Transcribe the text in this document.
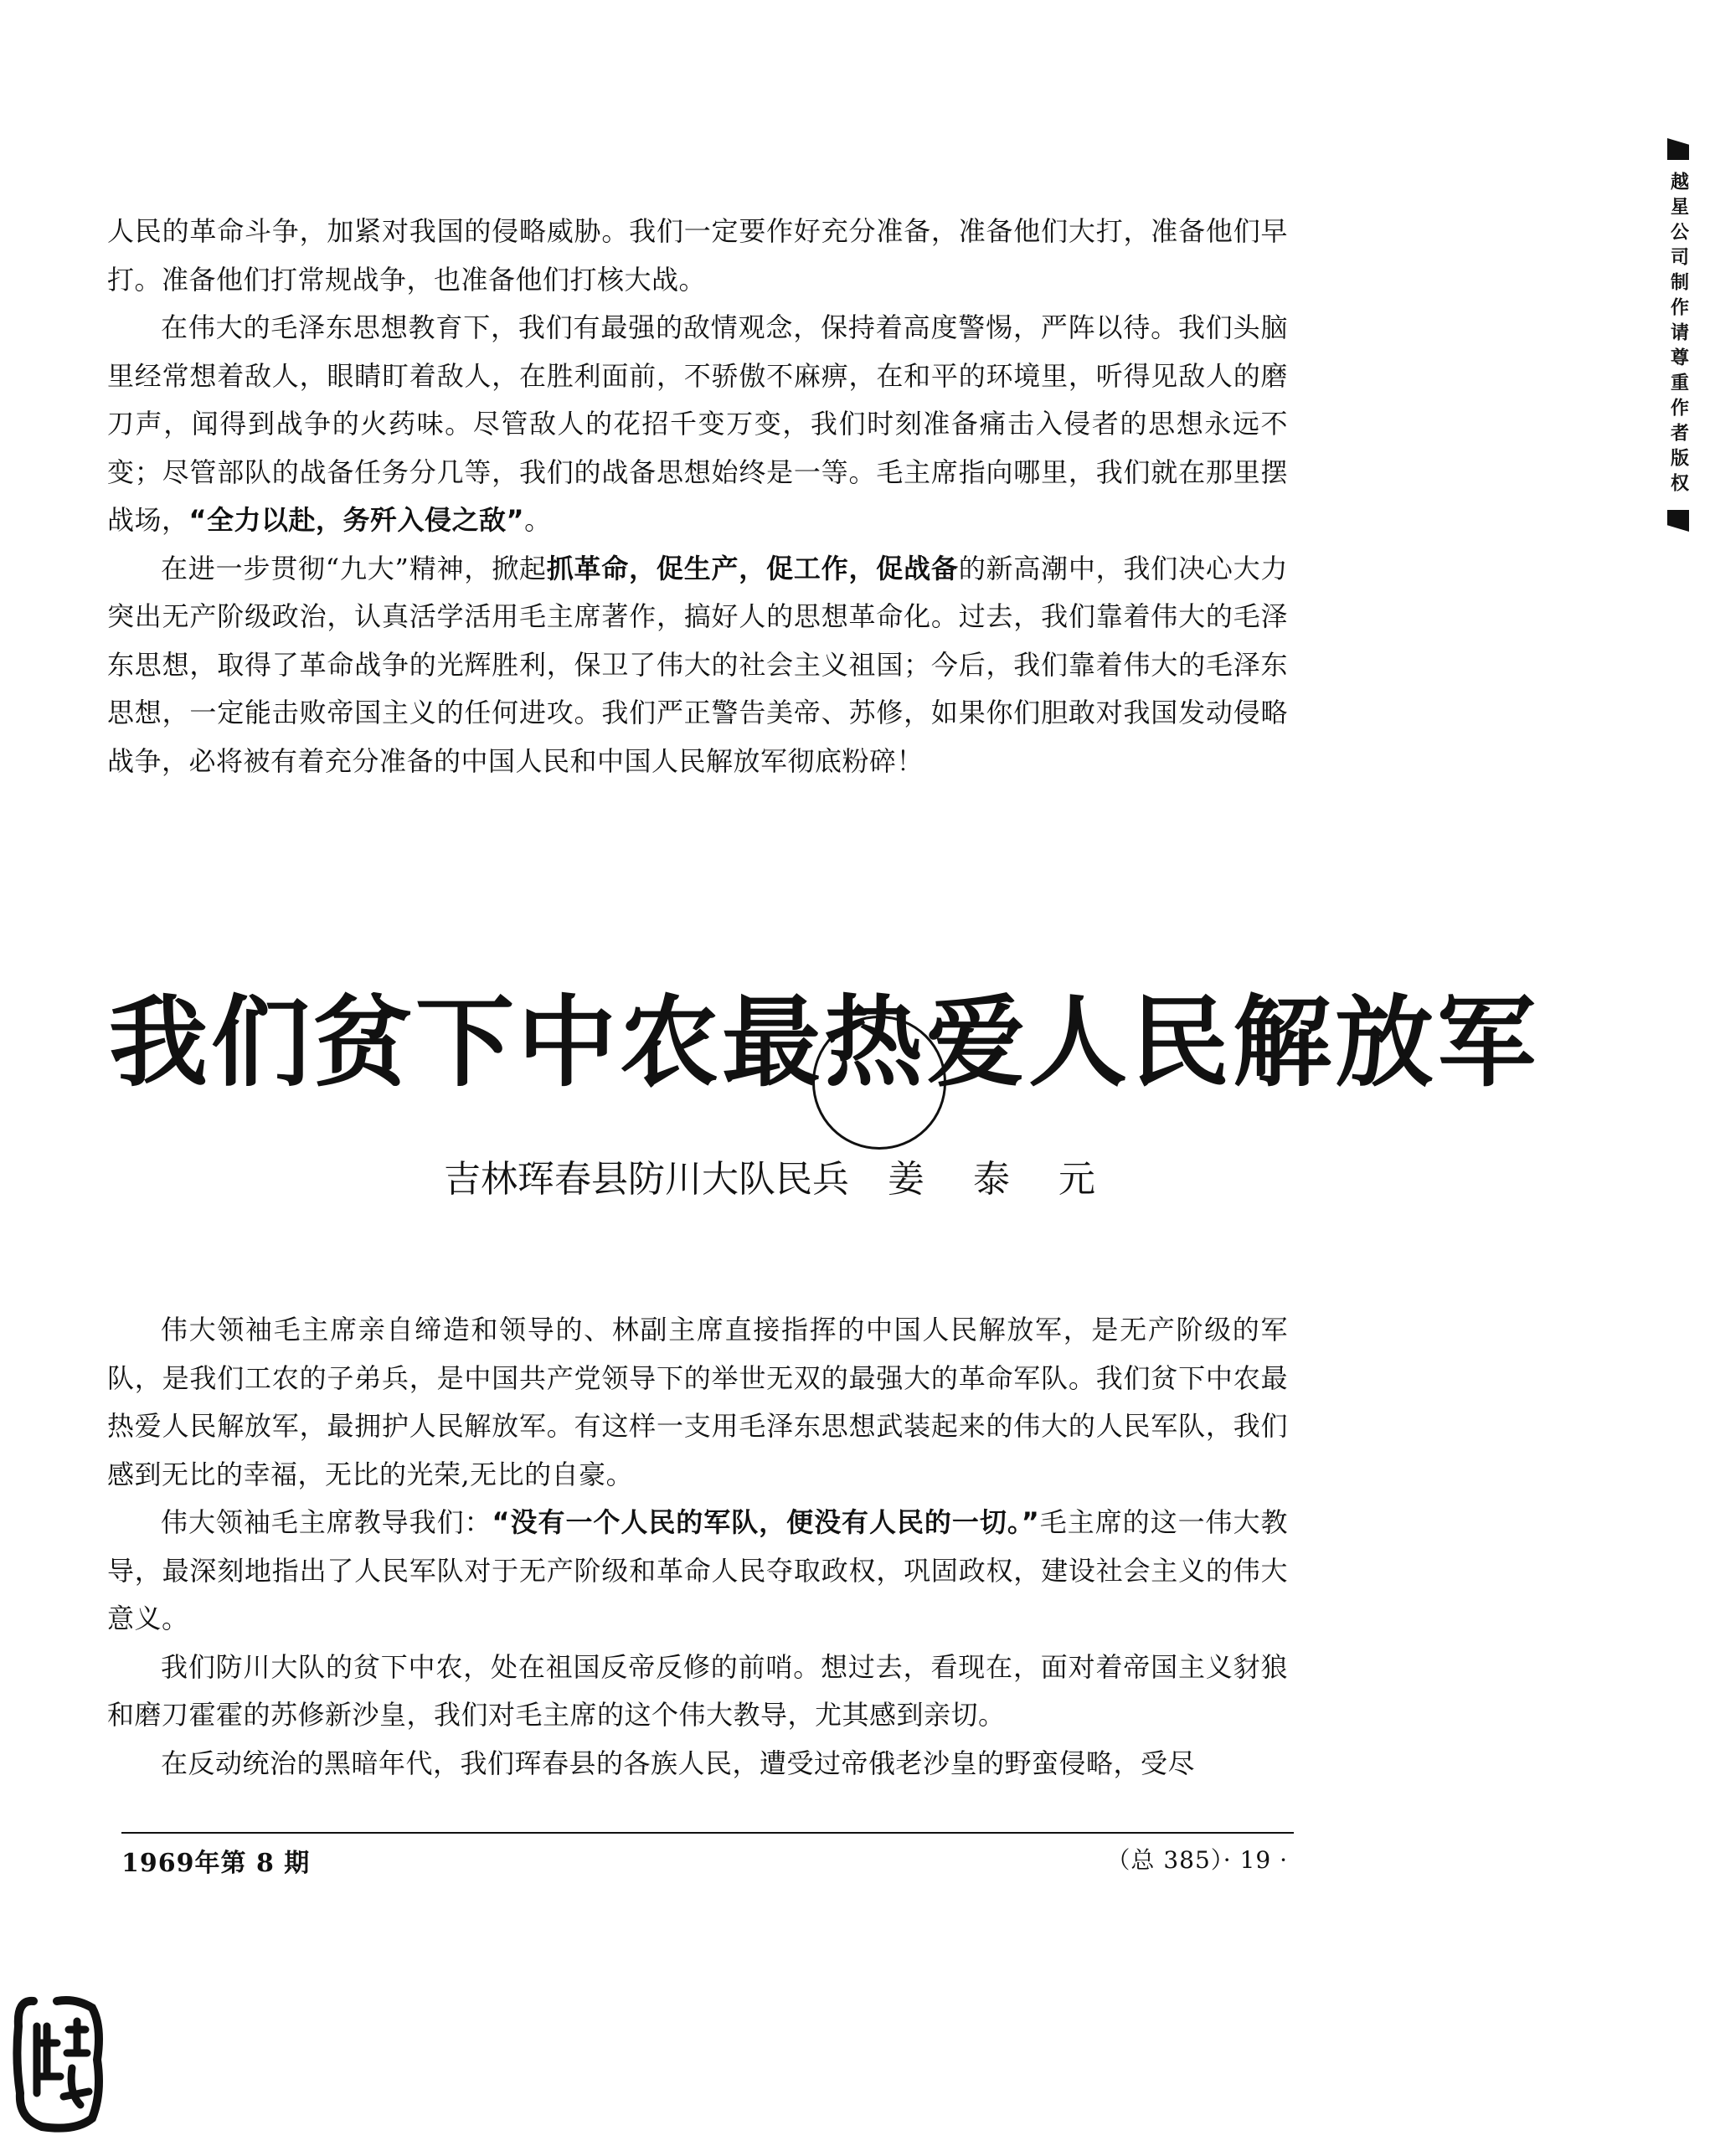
人民的革命斗争，加紧对我国的侵略威胁。我们一定要作好充分准备，准备他们大打，准备他们早打。准备他们打常规战争，也准备他们打核大战。

在伟大的毛泽东思想教育下，我们有最强的敌情观念，保持着高度警惕，严阵以待。我们头脑里经常想着敌人，眼睛盯着敌人，在胜利面前，不骄傲不麻痹，在和平的环境里，听得见敌人的磨刀声，闻得到战争的火药味。尽管敌人的花招千变万变，我们时刻准备痛击入侵者的思想永远不变；尽管部队的战备任务分几等，我们的战备思想始终是一等。毛主席指向哪里，我们就在那里摆战场，“全力以赴，务歼入侵之敌”。

在进一步贯彻“九大”精神，掀起抓革命，促生产，促工作，促战备的新高潮中，我们决心大力突出无产阶级政治，认真活学活用毛主席著作，搞好人的思想革命化。过去，我们靠着伟大的毛泽东思想，取得了革命战争的光辉胜利，保卫了伟大的社会主义祖国；今后，我们靠着伟大的毛泽东思想，一定能击败帝国主义的任何进攻。我们严正警告美帝、苏修，如果你们胆敢对我国发动侵略战争，必将被有着充分准备的中国人民和中国人民解放军彻底粉碎！

我们贫下中农最热爱人民解放军

吉林珲春县防川大队民兵 姜 泰 元

伟大领袖毛主席亲自缔造和领导的、林副主席直接指挥的中国人民解放军，是无产阶级的军队，是我们工农的子弟兵，是中国共产党领导下的举世无双的最强大的革命军队。我们贫下中农最热爱人民解放军，最拥护人民解放军。有这样一支用毛泽东思想武装起来的伟大的人民军队，我们感到无比的幸福，无比的光荣,无比的自豪。

伟大领袖毛主席教导我们：“没有一个人民的军队，便没有人民的一切。”毛主席的这一伟大教导，最深刻地指出了人民军队对于无产阶级和革命人民夺取政权，巩固政权，建设社会主义的伟大意义。

我们防川大队的贫下中农，处在祖国反帝反修的前哨。想过去，看现在，面对着帝国主义豺狼和磨刀霍霍的苏修新沙皇，我们对毛主席的这个伟大教导，尤其感到亲切。

在反动统治的黑暗年代，我们珲春县的各族人民，遭受过帝俄老沙皇的野蛮侵略，受尽

1969年第 8 期	（总 385）· 19 ·

越星公司制作请尊重作者版权
